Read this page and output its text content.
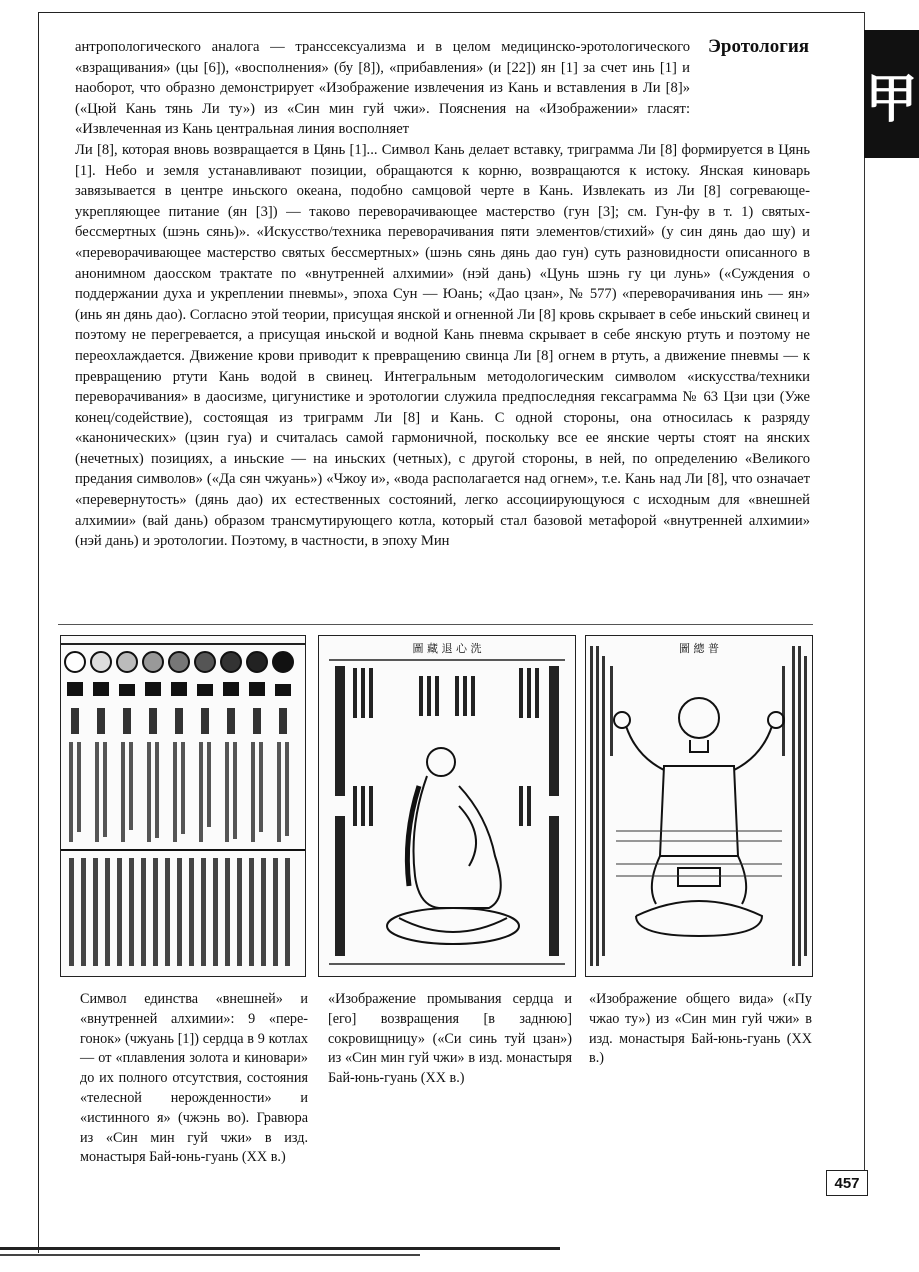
Эротология
甲
антропологического аналога — транссексуализма и в целом медицинско-эротологического «взращивания» (цы [6]), «восполнения» (бу [8]), «прибавления» (и [22]) ян [1] за счет инь [1] и наоборот, что образно демонстрирует «Изображение извлечения из Кань и вставления в Ли [8]» («Цюй Кань тянь Ли ту») из «Син мин гуй чжи». Пояснения на «Изображении» гласят: «Извлеченная из Кань центральная линия восполняет
Ли [8], которая вновь возвращается в Цянь [1]... Символ Кань делает вставку, триграмма Ли [8] формируется в Цянь [1]. Небо и земля устанавливают позиции, обращаются к корню, возвращаются к истоку. Янская киноварь завязывается в центре иньского океана, подобно самцовой черте в Кань. Извлекать из Ли [8] согревающе-укрепляющее питание (ян [3]) — таково переворачивающее мастерство (гун [3]; см. Гун-фу в т. 1) святых-бессмертных (шэнь сянь)». «Искусство/техника переворачивания пяти элементов/стихий» (у син дянь дао шу) и «переворачивающее мастерство святых бессмертных» (шэнь сянь дянь дао гун) суть разновидности описанного в анонимном даосском трактате по «внутренней алхимии» (нэй дань) «Цунь шэнь гу ци лунь» («Суждения о поддержании духа и укреплении пневмы», эпоха Сун — Юань; «Дао цзан», № 577) «переворачивания инь — ян» (инь ян дянь дао). Согласно этой теории, присущая янской и огненной Ли [8] кровь скрывает в себе иньский свинец и поэтому не перегревается, а присущая иньской и водной Кань пневма скрывает в себе янскую ртуть и поэтому не переохлаждается. Движение крови приводит к превращению свинца Ли [8] огнем в ртуть, а движение пневмы — к превращению ртути Кань водой в свинец. Интегральным методологическим символом «искусства/техники переворачивания» в даосизме, цигунистике и эротологии служила предпоследняя гексаграмма № 63 Цзи цзи (Уже конец/содействие), состоящая из триграмм Ли [8] и Кань. С одной стороны, она относилась к разряду «канонических» (цзин гуа) и считалась самой гармоничной, поскольку все ее янские черты стоят на янских (нечетных) позициях, а иньские — на иньских (четных), с другой стороны, в ней, по определению «Великого предания символов» («Да сян чжуань») «Чжоу и», «вода располагается над огнем», т.е. Кань над Ли [8], что означает «перевернутость» (дянь дао) их естественных состояний, легко ассоциирующуюся с исходным для «внешней алхимии» (вай дань) образом трансмутирующего котла, который стал базовой метафорой «внутренней алхимии» (нэй дань) и эротологии. Поэтому, в частности, в эпоху Мин
圖 藏 退 心 洗	圖 總 普
Символ единства «внешней» и «внутренней алхимии»: 9 «перегонок» (чжуань [1]) сердца в 9 котлах — от «плавления золота и киновари» до их полного отсутствия, состояния «телесной нерожденности» и «истинного я» (чжэнь во). Гравюра из «Син мин гуй чжи» в изд. монастыря Бай-юнь-гуань (XX в.)
«Изображение промывания сердца и [его] возвращения [в заднюю] сокровищницу» («Си синь туй цзан») из «Син мин гуй чжи» в изд. монастыря Бай-юнь-гуань (XX в.)
«Изображение общего вида» («Пу чжао ту») из «Син мин гуй чжи» в изд. монастыря Бай-юнь-гуань (XX в.)
457
